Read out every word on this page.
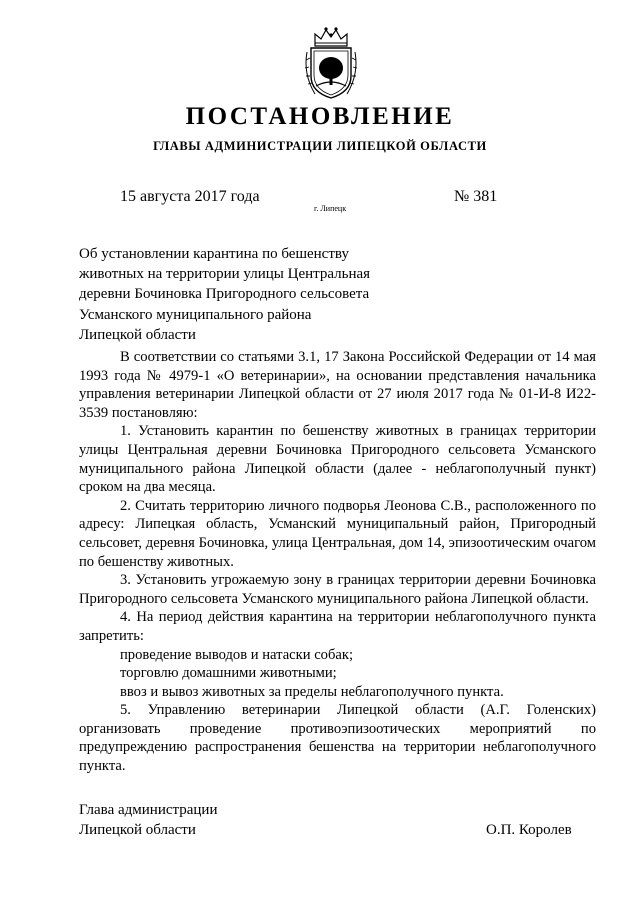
ПОСТАНОВЛЕНИЕ
ГЛАВЫ АДМИНИСТРАЦИИ ЛИПЕЦКОЙ ОБЛАСТИ
15 августа 2017 года
г. Липецк
№ 381
Об установлении карантина по бешенству
животных на территории улицы Центральная
деревни Бочиновка Пригородного сельсовета
Усманского муниципального района
Липецкой области

В соответствии со статьями 3.1, 17 Закона Российской Федерации от 14 мая 1993 года № 4979-1 «О ветеринарии», на основании представления начальника управления ветеринарии Липецкой области от 27 июля 2017 года № 01-И-8 И22-3539 постановляю:

1. Установить карантин по бешенству животных в границах территории улицы Центральная деревни Бочиновка Пригородного сельсовета Усманского муниципального района Липецкой области (далее - неблагополучный пункт) сроком на два месяца.

2. Считать территорию личного подворья Леонова С.В., расположенного по адресу: Липецкая область, Усманский муниципальный район, Пригородный сельсовет, деревня Бочиновка, улица Центральная, дом 14, эпизоотическим очагом по бешенству животных.

3. Установить угрожаемую зону в границах территории деревни Бочиновка Пригородного сельсовета Усманского муниципального района Липецкой области.

4. На период действия карантина на территории неблагополучного пункта запретить:

проведение выводов и натаски собак;

торговлю домашними животными;

ввоз и вывоз животных за пределы неблагополучного пункта.

5. Управлению ветеринарии Липецкой области (А.Г. Голенских) организовать проведение противоэпизоотических мероприятий по предупреждению распространения бешенства на территории неблагополучного пункта.

Глава администрации
Липецкой области	О.П. Королев
